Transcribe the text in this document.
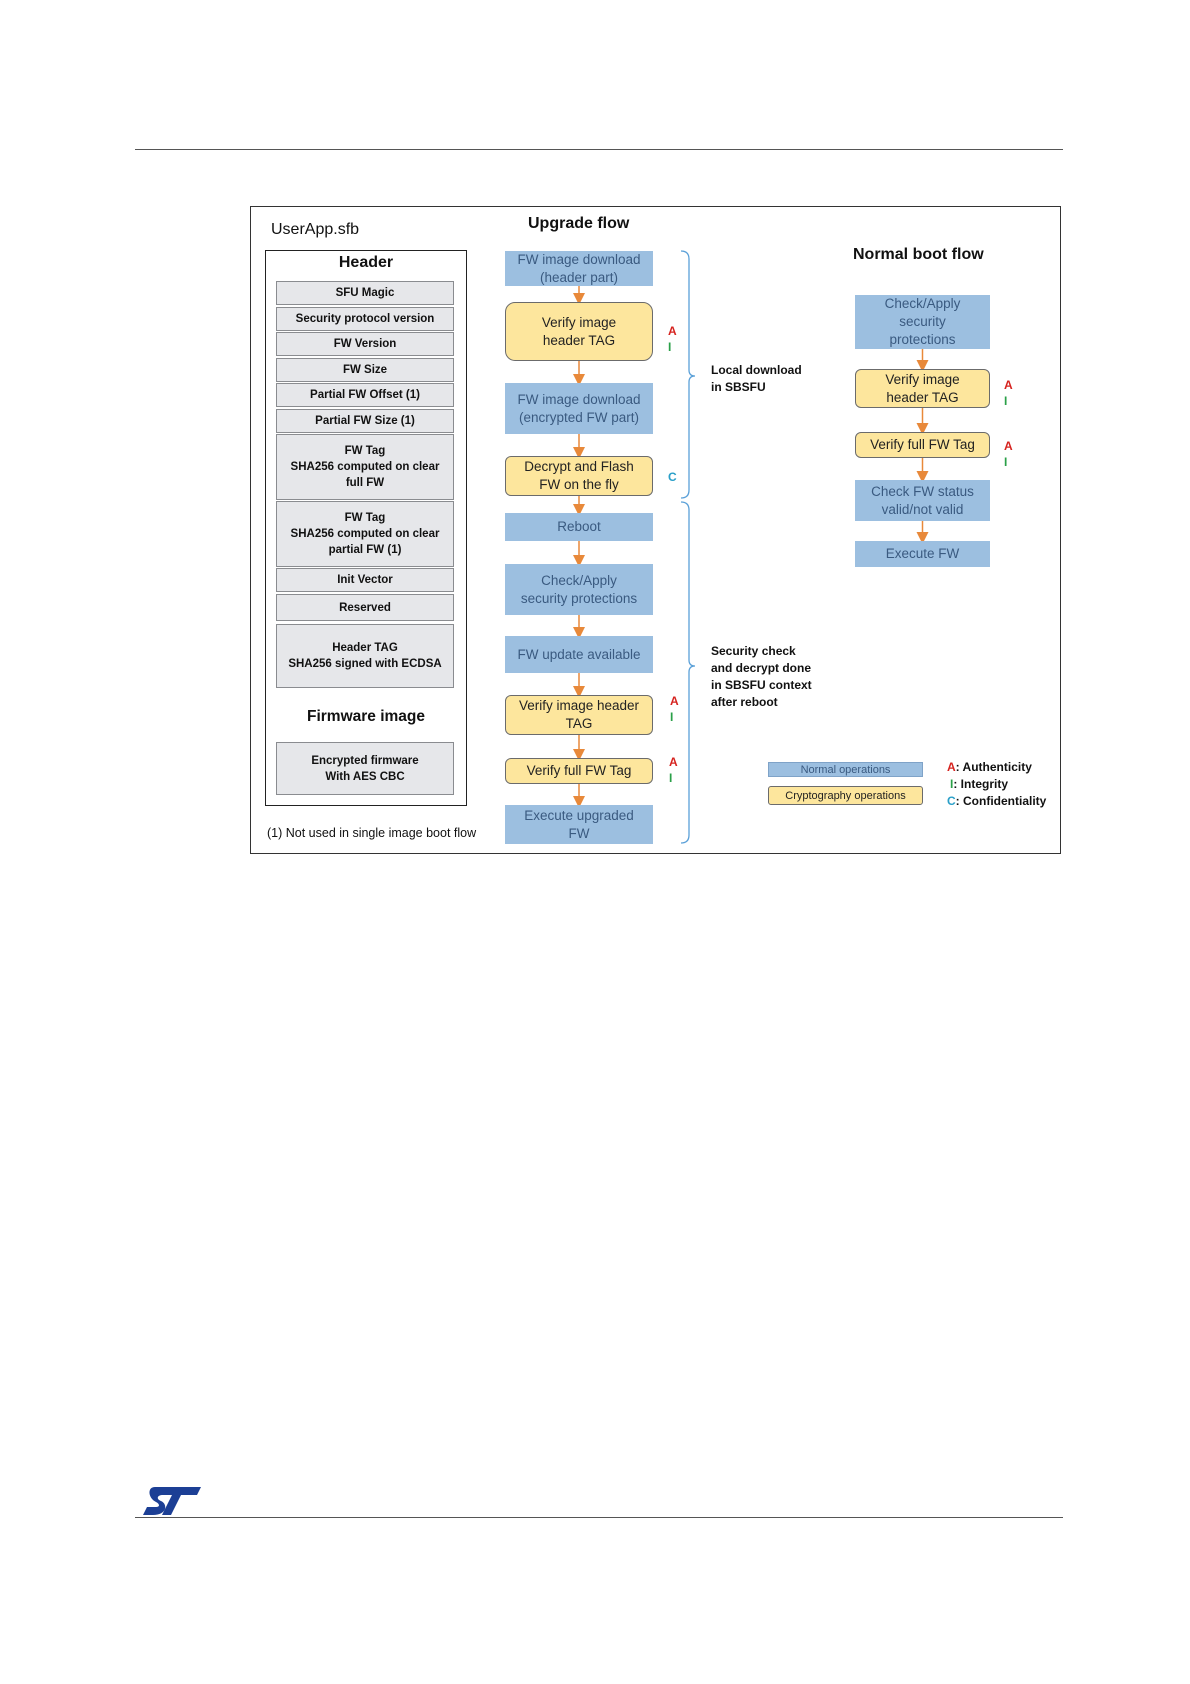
UserApp.sfb
Header
SFU Magic
Security protocol version
FW Version
FW Size
Partial FW Offset (1)
Partial FW Size (1)
FW Tag
SHA256 computed on clear
full FW
FW Tag
SHA256 computed on clear
partial FW (1)
Init Vector
Reserved
Header TAG
SHA256 signed with ECDSA
Firmware image
Encrypted firmware
With AES CBC
(1) Not used in single image boot flow
Upgrade flow
Normal boot flow
FW image download
(header part)
Verify image
header TAG
A
I
FW image download
(encrypted FW part)
Decrypt and Flash
FW on the fly	C
Reboot
Check/Apply
security protections
FW update available
Verify image header
TAG
A
I
Verify full FW Tag
A
I
Execute upgraded
FW
Check/Apply
security
protections
Verify image
header TAG
A
I
Verify full FW Tag A
I
Check FW status
valid/not valid
Execute FW
Local download
in SBSFU
Security check
and decrypt done
in SBSFU context
after reboot
Normal operations
Cryptography operations
A: Authenticity
I: Integrity
C: Confidentiality
